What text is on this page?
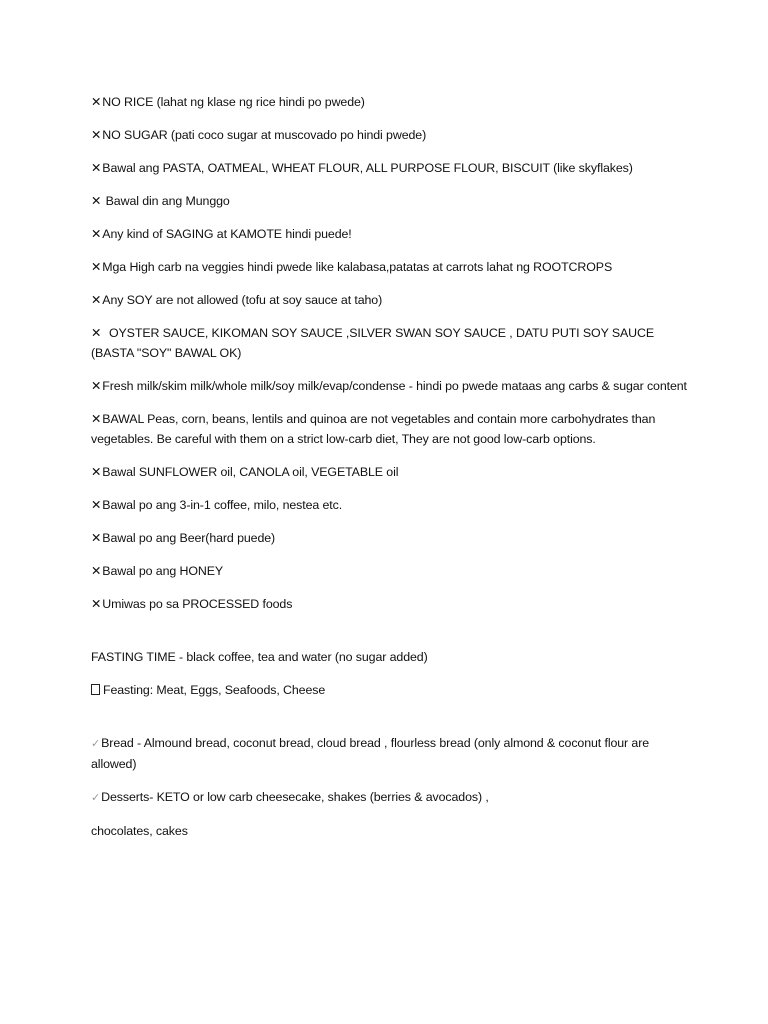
✕NO RICE (lahat ng klase ng rice hindi po pwede)

✕NO SUGAR (pati coco sugar at muscovado po hindi pwede)

✕Bawal ang PASTA, OATMEAL, WHEAT FLOUR, ALL PURPOSE FLOUR, BISCUIT (like skyflakes)

✕ Bawal din ang Munggo

✕Any kind of SAGING at KAMOTE hindi puede!

✕Mga High carb na veggies hindi pwede like kalabasa,patatas at carrots lahat ng ROOTCROPS

✕Any SOY are not allowed (tofu at soy sauce at taho)

✕  OYSTER SAUCE, KIKOMAN SOY SAUCE ,SILVER SWAN SOY SAUCE , DATU PUTI SOY SAUCE (BASTA "SOY" BAWAL OK)

✕Fresh milk/skim milk/whole milk/soy milk/evap/condense - hindi po pwede mataas ang carbs & sugar content

✕BAWAL Peas, corn, beans, lentils and quinoa are not vegetables and contain more carbohydrates than vegetables. Be careful with them on a strict low-carb diet, They are not good low-carb options.

✕Bawal SUNFLOWER oil, CANOLA oil, VEGETABLE oil

✕Bawal po ang 3-in-1 coffee, milo, nestea etc.

✕Bawal po ang Beer(hard puede)

✕Bawal po ang HONEY

✕Umiwas po sa PROCESSED foods

FASTING TIME - black coffee, tea and water (no sugar added)

Feasting: Meat, Eggs, Seafoods, Cheese

✓Bread - Almound bread, coconut bread, cloud bread , flourless bread (only almond & coconut flour are allowed)

✓Desserts- KETO or low carb cheesecake, shakes (berries & avocados) ,

chocolates, cakes
